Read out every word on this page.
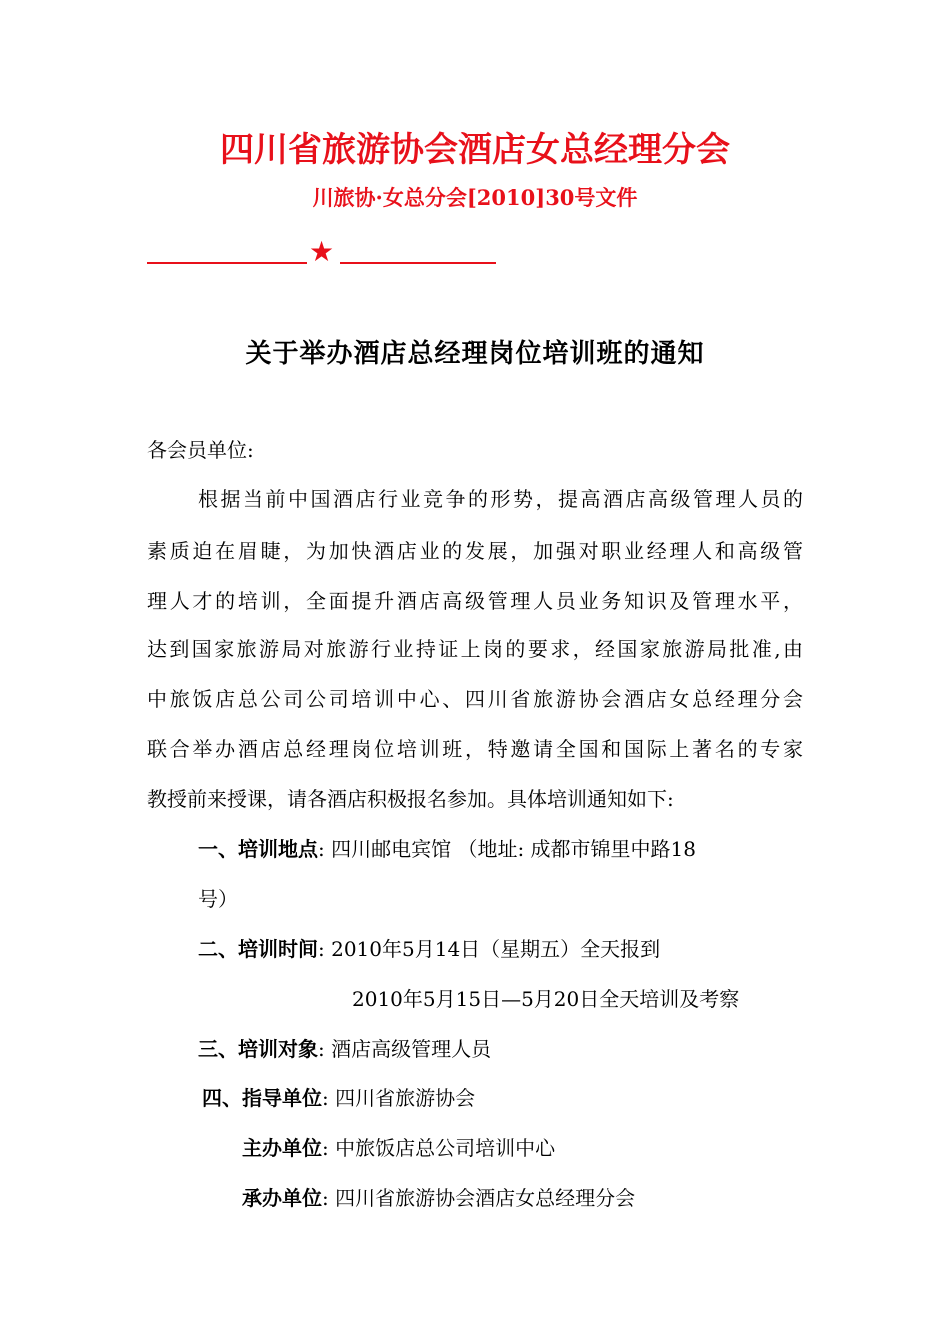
四川省旅游协会酒店女总经理分会
川旅协·女总分会[2010]30号文件
★
关于举办酒店总经理岗位培训班的通知
各会员单位:
根据当前中国酒店行业竞争的形势，提高酒店高级管理人员的
素质迫在眉睫，为加快酒店业的发展，加强对职业经理人和高级管
理人才的培训，全面提升酒店高级管理人员业务知识及管理水平，
达到国家旅游局对旅游行业持证上岗的要求，经国家旅游局批准,由
中旅饭店总公司公司培训中心、四川省旅游协会酒店女总经理分会
联合举办酒店总经理岗位培训班，特邀请全国和国际上著名的专家
教授前来授课，请各酒店积极报名参加。具体培训通知如下:
一、培训地点: 四川邮电宾馆 （地址: 成都市锦里中路18
号）
二、培训时间: 2010年5月14日（星期五）全天报到
2010年5月15日—5月20日全天培训及考察
三、培训对象: 酒店高级管理人员
四、指导单位: 四川省旅游协会
主办单位: 中旅饭店总公司培训中心
承办单位: 四川省旅游协会酒店女总经理分会
